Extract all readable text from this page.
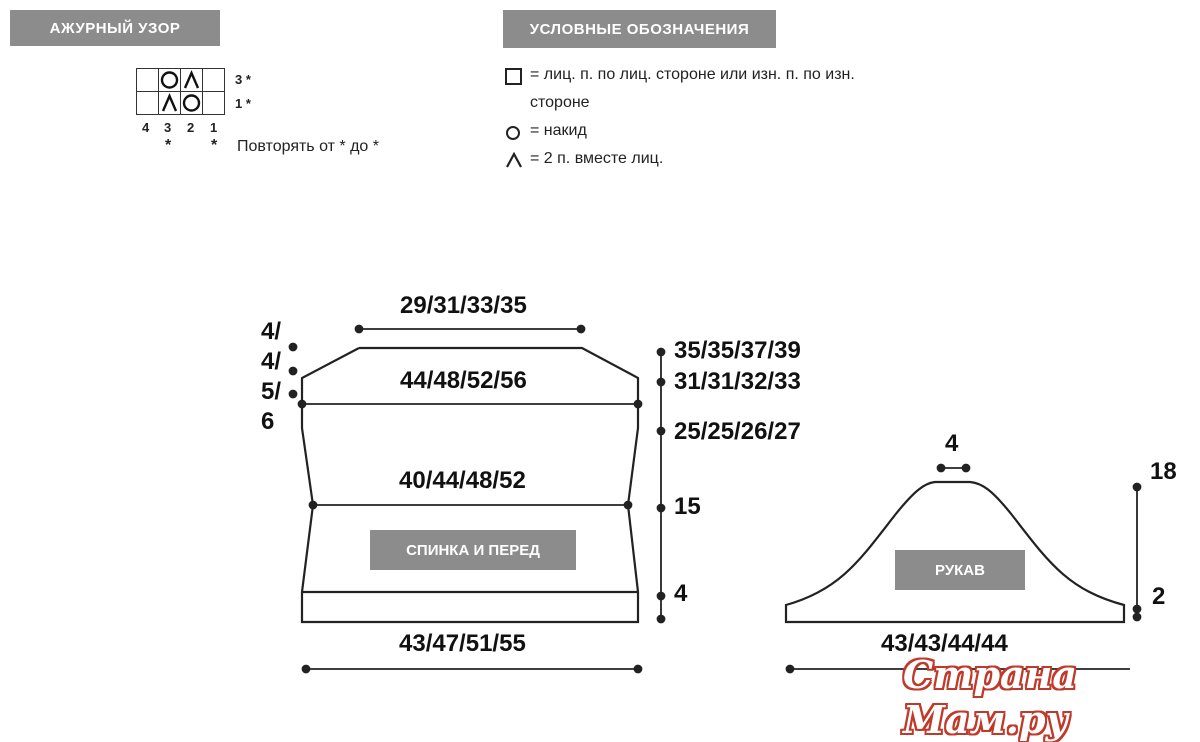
АЖУРНЫЙ УЗОР	УСЛОВНЫЕ ОБОЗНАЧЕНИЯ
3 *
1 *
4 3 2 1
* * Повторять от * до *
= лиц. п. по лиц. стороне или изн. п. по изн.
стороне
= накид
= 2 п. вместе лиц.
29/31/33/35
44/48/52/56
40/44/48/52
43/47/51/55
4/
4/
5/
6
35/35/37/39
31/31/32/33
25/25/26/27
15
4
СПИНКА И ПЕРЕД
4
18
2
43/43/44/44
РУКАВ
Страна Мам.ру
